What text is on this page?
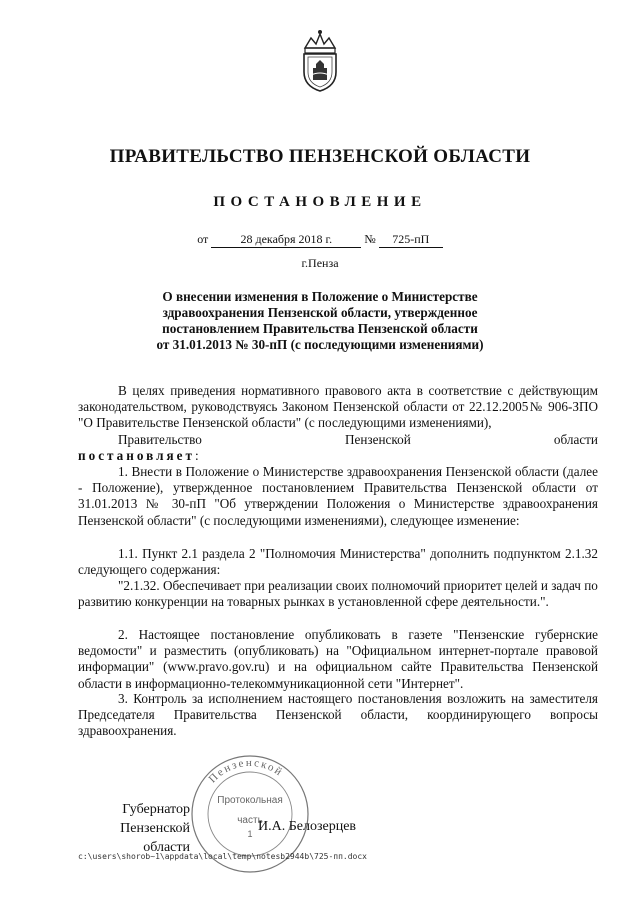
ПРАВИТЕЛЬСТВО ПЕНЗЕНСКОЙ ОБЛАСТИ
ПОСТАНОВЛЕНИЕ
от	28 декабря 2018 г.	№ 725-пП
г.Пенза
О внесении изменения в Положение о Министерстве
здравоохранения Пензенской области, утвержденное
постановлением Правительства Пензенской области
от 31.01.2013 № 30-пП (с последующими изменениями)
В целях приведения нормативного правового акта в соответствие с действующим законодательством, руководствуясь Законом Пензенской области от 22.12.2005№ 906-ЗПО "О Правительстве Пензенской области" (с последующими изменениями),
Правительство Пензенской области
постановляет:
1. Внести в Положение о Министерстве здравоохранения Пензенской области (далее - Положение), утвержденное постановлением Правительства Пензенской области от 31.01.2013 № 30-пП "Об утверждении Положения о Министерстве здравоохранения Пензенской области" (с последующими изменениями), следующее изменение:
1.1. Пункт 2.1 раздела 2 "Полномочия Министерства" дополнить подпунктом 2.1.32 следующего содержания:
"2.1.32. Обеспечивает при реализации своих полномочий приоритет целей и задач по развитию конкуренции на товарных рынках в установленной сфере деятельности.".
2. Настоящее постановление опубликовать в газете "Пензенские губернские ведомости" и разместить (опубликовать) на "Официальном интернет-портале правовой информации" (www.pravo.gov.ru) и на официальном сайте Правительства Пензенской области в информационно-телекоммуникационной сети "Интернет".
3. Контроль за исполнением настоящего постановления возложить на заместителя Председателя Правительства Пензенской области, координирующего вопросы здравоохранения.
Пензенской
Протокольная
часть
1
Губернатор
Пензенской области
И.А. Белозерцев
c:\users\shorob~1\appdata\local\temp\notesb2944b\725-пп.docx
